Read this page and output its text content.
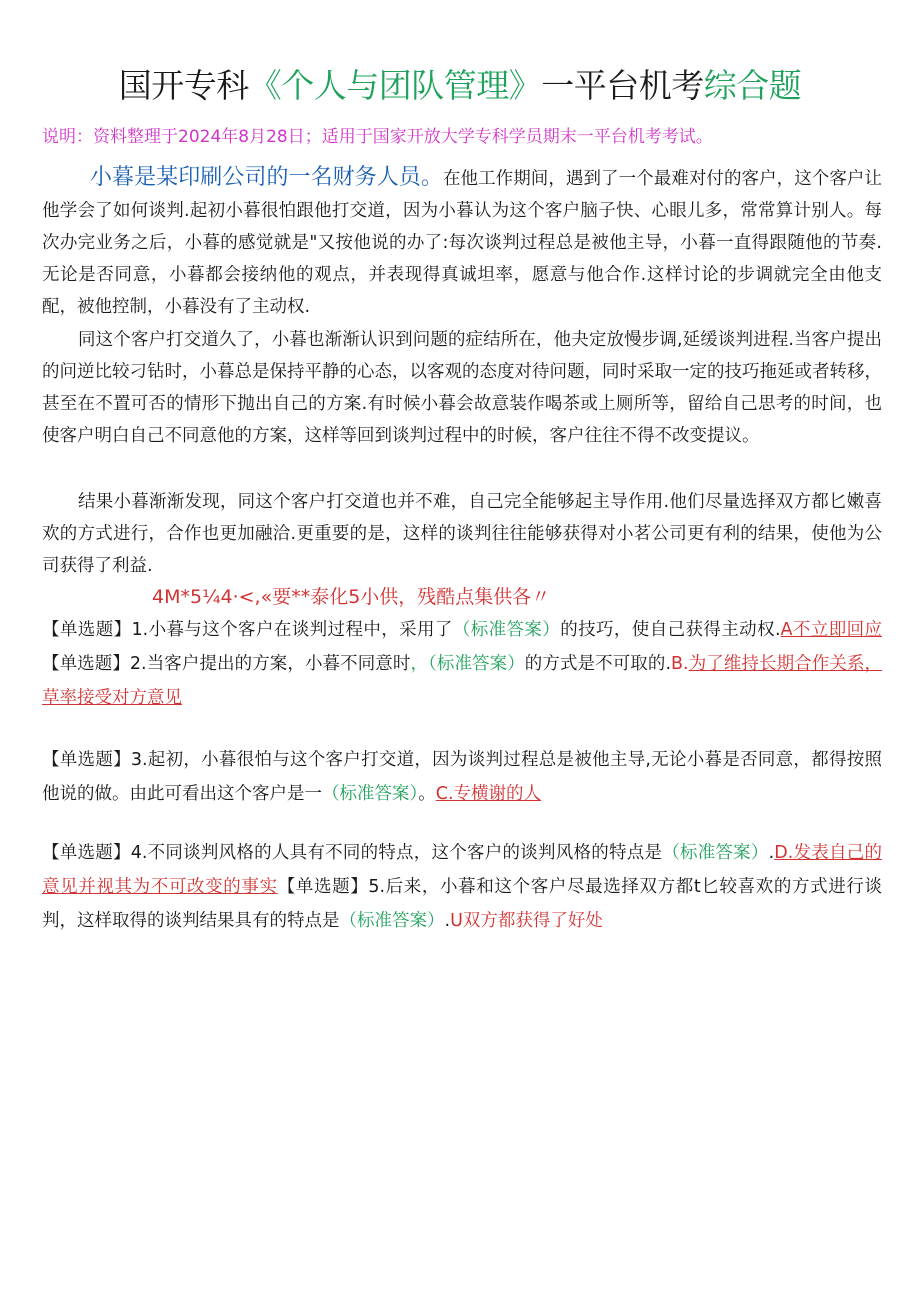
国开专科《个人与团队管理》一平台机考综合题
说明：资料整理于2024年8月28日；适用于国家开放大学专科学员期末一平台机考考试。
小暮是某印刷公司的一名财务人员。在他工作期间，遇到了一个最难对付的客户，这个客户让他学会了如何谈判.起初小暮很怕跟他打交道，因为小暮认为这个客户脑子快、心眼儿多，常常算计别人。每次办完业务之后，小暮的感觉就是"又按他说的办了:每次谈判过程总是被他主导，小暮一直得跟随他的节奏.无论是否同意，小暮都会接纳他的观点，并表现得真诚坦率，愿意与他合作.这样讨论的步调就完全由他支配，被他控制，小暮没有了主动权.
同这个客户打交道久了，小暮也渐渐认识到问题的症结所在，他夬定放慢步调,延缓谈判进程.当客户提出的问逆比较刁钻时，小暮总是保持平静的心态，以客观的态度对待问题，同时采取一定的技巧拖延或者转移，甚至在不置可否的情形下抛出自己的方案.有时候小暮会故意装作喝茶或上厕所等，留给自己思考的时间，也使客户明白自己不同意他的方案，这样等回到谈判过程中的时候，客户往往不得不改变提议。
结果小暮渐渐发现，同这个客户打交道也并不难，自己完全能够起主导作用.他们尽量选择双方都匕嫩喜欢的方式进行，合作也更加融洽.更重要的是，这样的谈判往往能够获得对小茗公司更有利的结果，使他为公司获得了利益.
4M*5¼4·<,«要**泰化5小供，残酷点集供各〃
【单选题】1.小暮与这个客户在谈判过程中，采用了（标准答案）的技巧，使自己获得主动权.A不立即回应【单选题】2.当客户提出的方案，小暮不同意时，（标准答案）的方式是不可取的.B.为了维持长期合作关系，草率接受对方意见
【单选题】3.起初，小暮很怕与这个客户打交道，因为谈判过程总是被他主导,无论小暮是否同意，都得按照他说的做。由此可看出这个客户是一（标准答案）。C.专横谢的人
【单选题】4.不同谈判风格的人具有不同的特点，这个客户的谈判风格的特点是（标准答案）.D.发表自己的意见并视其为不可改变的事实【单选题】5.后来，小暮和这个客户尽最选择双方都t匕较喜欢的方式进行谈判，这样取得的谈判结果具有的特点是（标准答案）.U双方都获得了好处
